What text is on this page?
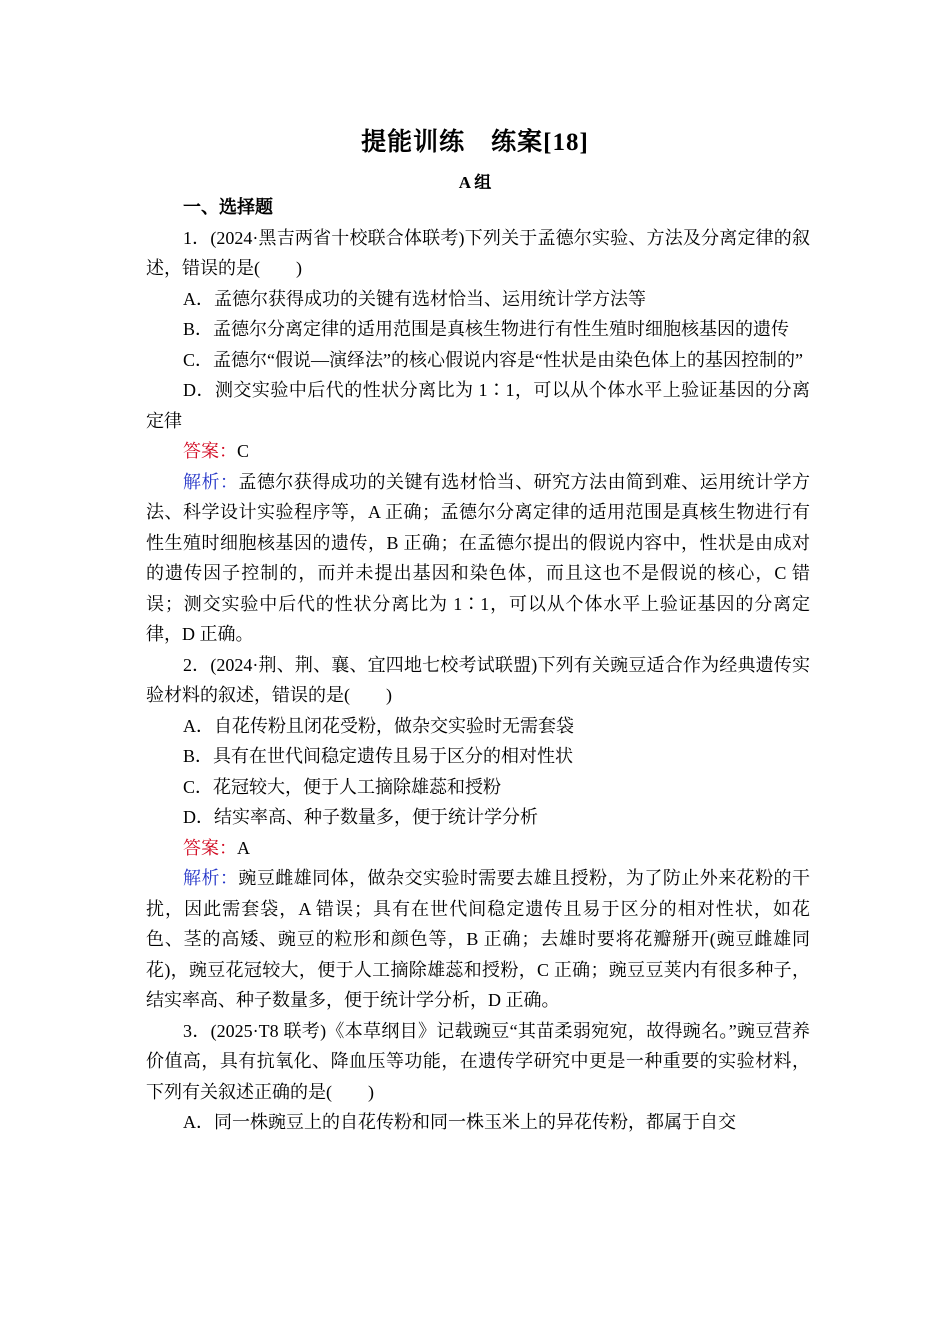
提能训练　练案[18]
A 组

一、选择题

1．(2024·黑吉两省十校联合体联考)下列关于孟德尔实验、方法及分离定律的叙述，错误的是(　　)

A．孟德尔获得成功的关键有选材恰当、运用统计学方法等

B．孟德尔分离定律的适用范围是真核生物进行有性生殖时细胞核基因的遗传

C．孟德尔“假说—演绎法”的核心假说内容是“性状是由染色体上的基因控制的”

D．测交实验中后代的性状分离比为 1∶1，可以从个体水平上验证基因的分离定律

答案：C

解析：孟德尔获得成功的关键有选材恰当、研究方法由简到难、运用统计学方法、科学设计实验程序等，A 正确；孟德尔分离定律的适用范围是真核生物进行有性生殖时细胞核基因的遗传，B 正确；在孟德尔提出的假说内容中，性状是由成对的遗传因子控制的，而并未提出基因和染色体，而且这也不是假说的核心，C 错误；测交实验中后代的性状分离比为 1∶1，可以从个体水平上验证基因的分离定律，D 正确。

2．(2024·荆、荆、襄、宜四地七校考试联盟)下列有关豌豆适合作为经典遗传实验材料的叙述，错误的是(　　)

A．自花传粉且闭花受粉，做杂交实验时无需套袋

B．具有在世代间稳定遗传且易于区分的相对性状

C．花冠较大，便于人工摘除雄蕊和授粉

D．结实率高、种子数量多，便于统计学分析

答案：A

解析：豌豆雌雄同体，做杂交实验时需要去雄且授粉，为了防止外来花粉的干扰，因此需套袋，A 错误；具有在世代间稳定遗传且易于区分的相对性状，如花色、茎的高矮、豌豆的粒形和颜色等，B 正确；去雄时要将花瓣掰开(豌豆雌雄同花)，豌豆花冠较大，便于人工摘除雄蕊和授粉，C 正确；豌豆豆荚内有很多种子，结实率高、种子数量多，便于统计学分析，D 正确。

3．(2025·T8 联考)《本草纲目》记载豌豆“其苗柔弱宛宛，故得豌名。”豌豆营养价值高，具有抗氧化、降血压等功能，在遗传学研究中更是一种重要的实验材料，下列有关叙述正确的是(　　)

A．同一株豌豆上的自花传粉和同一株玉米上的异花传粉，都属于自交
